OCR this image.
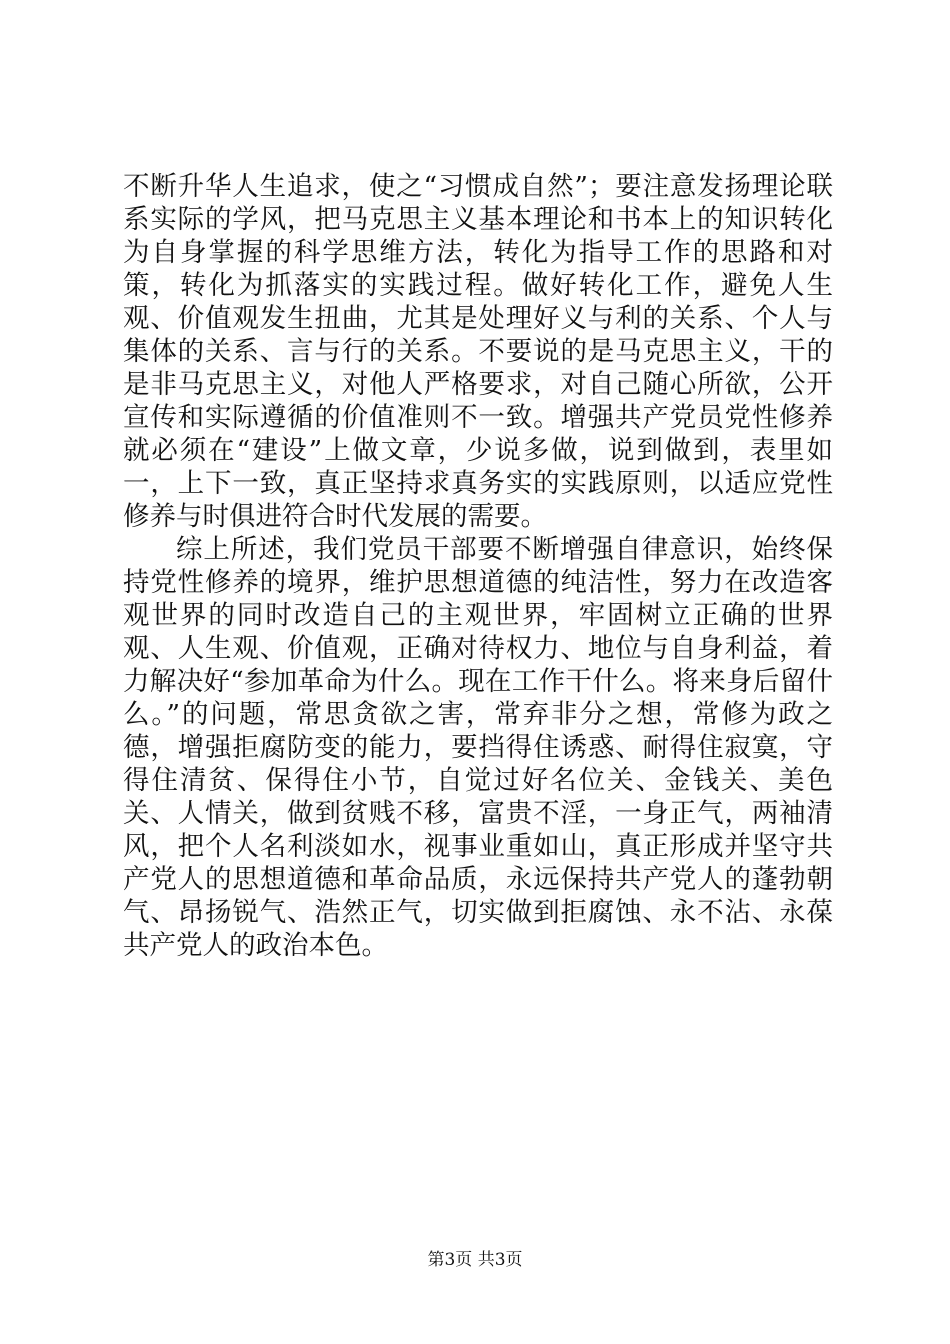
不断升华人生追求，使之“习惯成自然”；要注意发扬理论联系实际的学风，把马克思主义基本理论和书本上的知识转化为自身掌握的科学思维方法，转化为指导工作的思路和对策，转化为抓落实的实践过程。做好转化工作，避免人生观、价值观发生扭曲，尤其是处理好义与利的关系、个人与集体的关系、言与行的关系。不要说的是马克思主义，干的是非马克思主义，对他人严格要求，对自己随心所欲，公开宣传和实际遵循的价值准则不一致。增强共产党员党性修养就必须在“建设”上做文章，少说多做，说到做到，表里如一，上下一致，真正坚持求真务实的实践原则，以适应党性修养与时俱进符合时代发展的需要。

综上所述，我们党员干部要不断增强自律意识，始终保持党性修养的境界，维护思想道德的纯洁性，努力在改造客观世界的同时改造自己的主观世界，牢固树立正确的世界观、人生观、价值观，正确对待权力、地位与自身利益，着力解决好“参加革命为什么。现在工作干什么。将来身后留什么。”的问题，常思贪欲之害，常弃非分之想，常修为政之德，增强拒腐防变的能力，要挡得住诱惑、耐得住寂寞，守得住清贫、保得住小节，自觉过好名位关、金钱关、美色关、人情关，做到贫贱不移，富贵不淫，一身正气，两袖清风，把个人名利淡如水，视事业重如山，真正形成并坚守共产党人的思想道德和革命品质，永远保持共产党人的蓬勃朝气、昂扬锐气、浩然正气，切实做到拒腐蚀、永不沾、永葆共产党人的政治本色。

第3页 共3页
